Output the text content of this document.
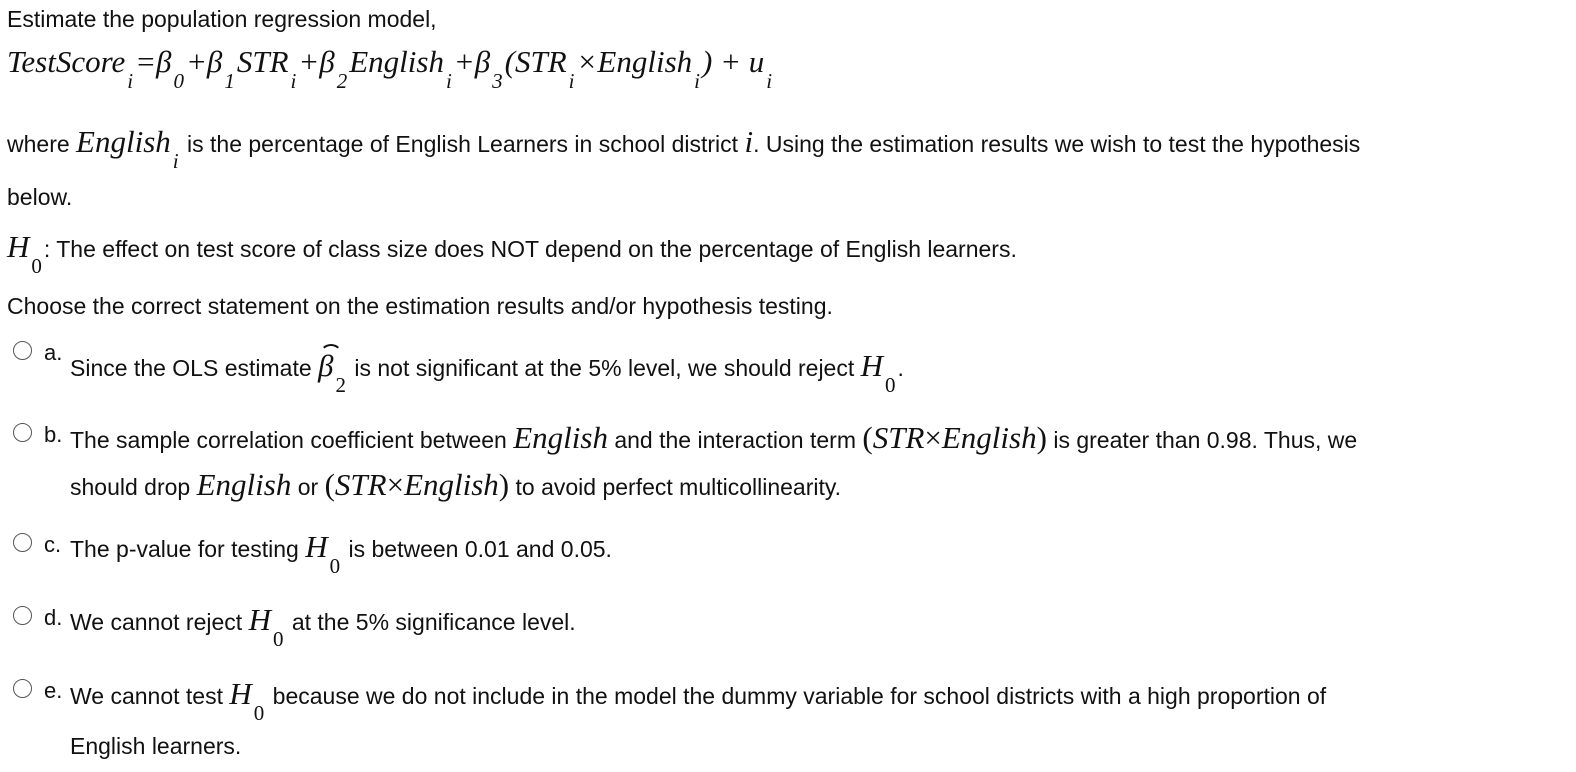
Estimate the population regression model,
$TestScore_i=\beta_0+\beta_1STR_i+\beta_2English_i+\beta_3(STR_i\times English_i) + u_i$
where Englishi is the percentage of English Learners in school district i. Using the estimation results we wish to test the hypothesis
below.
H0: The effect on test score of class size does NOT depend on the percentage of English learners.
Choose the correct statement on the estimation results and/or hypothesis testing.
a.
Since the OLS estimate β2 is not significant at the 5% level, we should reject H0.
b. The sample correlation coefficient between English and the interaction term (STR×English) is greater than 0.98. Thus, we
should drop English or (STR×English) to avoid perfect multicollinearity.
c. The p-value for testing H0 is between 0.01 and 0.05.
d. We cannot reject H0 at the 5% significance level.
e. We cannot test H0 because we do not include in the model the dummy variable for school districts with a high proportion of
English learners.
